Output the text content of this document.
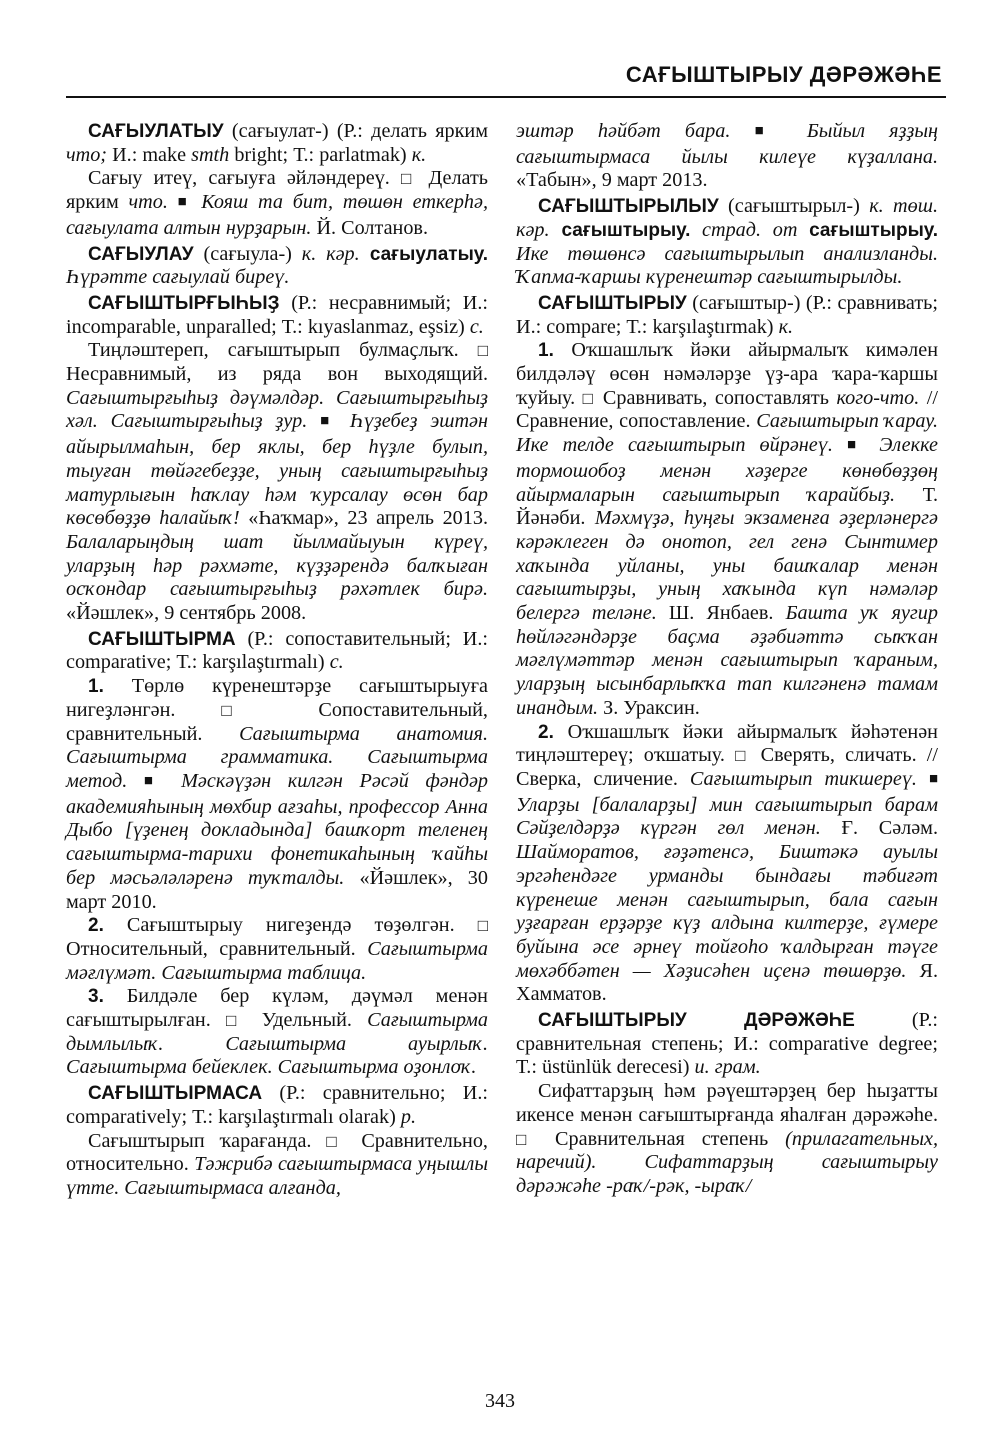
САҒЫШТЫРЫУ ДӘРӘЖӘҺЕ

САҒЫУЛАТЫУ (сағыулат-) (Р.: делать ярким что; И.: make smth bright; Т.: parlatmak) к.

Сағыу итеү, сағыуға әйләндереү. □ Делать ярким что. ■ Кояш та бит, төшөн еткерһә, сағыулата алтын нурҙарын. Й. Солтанов.

САҒЫУЛАУ (сағыула-) к. кәр. сағыулатыу. Һүрәтте сағыулай биреү.

САҒЫШТЫРҒЫҺЫҘ (Р.: несравнимый; И.: incomparable, unparalled; Т.: kıyaslanmaz, eşsiz) с.

Тиңләштереп, сағыштырып булмаҫлыҡ. □ Несравнимый, из ряда вон выходящий. Сағыштырғыһыҙ дәүмәлдәр. Сағыштырғыһыҙ хәл. Сағыштырғыһыҙ ҙур. ■ Һүҙебеҙ эштән айырылмаһын, бер яклы, бер һүҙле булып, тыуған төйәгебеҙҙе, уның сағыштырғыһыҙ матурлығын һаҡлау һәм ҡурсалау өсөн бар көсөбөҙҙө һалайыҡ! «Һаҡмар», 23 апрель 2013. Балаларыңдың шат йылмайыуын күреү, уларҙың һәр рәхмәте, күҙҙәрендә балҡыған осҡондар сағыштырғыһыҙ рәхәтлек бирә. «Йәшлек», 9 сентябрь 2008.

САҒЫШТЫРМА (Р.: сопоставительный; И.: comparative; Т.: karşılaştırmalı) с.

1. Төрлө күренештәрҙе сағыштырыуға нигеҙләнгән. □ Сопоставительный, сравнительный. Сағыштырма анатомия. Сағыштырма грамматика. Сағыштырма метод. ■ Мәскәүҙән килгән Рәсәй фәндәр академияһының мөхбир ағзаһы, профессор Анна Дыбо [үҙенең докладында] башҡорт теленең сағыштырма-тарихи фонетикаһының ҡайһы бер мәсьәләләренә туҡталды. «Йәшлек», 30 март 2010.

2. Сағыштырыу нигеҙендә төҙөлгән. □ Относительный, сравнительный. Сағыштырма мәғлүмәт. Сағыштырма таблица.

3. Билдәле бер күләм, дәүмәл менән сағыштырылған. □ Удельный. Сағыштырма дымлылыҡ. Сағыштырма ауырлыҡ. Сағыштырма бейеклек. Сағыштырма оҙонлоҡ.

САҒЫШТЫРМАСА (Р.: сравнительно; И.: comparatively; Т.: karşılaştırmalı olarak) р.

Сағыштырып ҡарағанда. □ Сравнительно, относительно. Тәжрибә сағыштырмаса уңышлы үтте. Сағыштырмаса алғанда,

эштәр һәйбәт бара. ■ Быйыл яҙҙың сағыштырмаса йылы килеүе күҙаллана. «Табын», 9 март 2013.

САҒЫШТЫРЫЛЫУ (сағыштырыл-) к. төш. кәр. сағыштырыу. страд. от сағыштырыу. Ике төшөнсә сағыштырылып анализланды. Ҡапма-ҡаршы күренештәр сағыштырылды.

САҒЫШТЫРЫУ (сағыштыр-) (Р.: сравнивать; И.: compare; Т.: karşılaştırmak) к.

1. Оҡшашлыҡ йәки айырмалыҡ кимәлен билдәләү өсөн нәмәләрҙе үҙ-ара ҡара-ҡаршы ҡуйыу. □ Сравнивать, сопоставлять кого-что. // Сравнение, сопоставление. Сағыштырып ҡарау. Ике телде сағыштырып өйрәнеү. ■ Элекке тормошобоҙ менән хәҙерге көнөбөҙҙөң айырмаларын сағыштырып ҡарайбыҙ. Т. Йәнәби. Мәхмүҙә, һуңғы экзаменға әҙерләнергә кәрәклеген дә онотоп, гел генә Сынтимер хаҡында уйланы, уны башҡалар менән сағыштырҙы, уның хаҡында күп нәмәләр белергә теләне. Ш. Янбаев. Башта уҡ яугир һөйләгәндәрҙе баҫма әҙәбиәттә сыҡҡан мәғлүмәттәр менән сағыштырып ҡараным, уларҙың ысынбарлыҡҡа тап килгәненә тамам инандым. З. Ураксин.

2. Оҡшашлыҡ йәки айырмалыҡ йәһәтенән тиңләштереү; оҡшатыу. □ Сверять, сличать. // Сверка, сличение. Сағыштырып тикшереү. ■ Уларҙы [балаларҙы] мин сағыштырып барам Сәйҙелдәрҙә күргән гөл менән. Ғ. Сәләм. Шайморатов, ғәҙәтенсә, Биштәкә ауылы эргәһендәге урманды бындағы тәбиғәт күренеше менән сағыштырып, бала сағын уҙғарған ерҙәрҙе күҙ алдына килтерҙе, ғүмере буйына әсе әрнеү тойғоһо ҡалдырған тәүге мөхәббәтен — Хәҙисәһен иҫенә төшөрҙө. Я. Хамматов.

САҒЫШТЫРЫУ ДӘРӘЖӘҺЕ (Р.: сравнительная степень; И.: comparative degree; Т.: üstünlük derecesi) и. грам.

Сифаттарҙың һәм рәүештәрҙең бер һыҙатты икенсе менән сағыштырғанда яһалған дәрәжәһе. □ Сравнительная степень (прилагательных, наречий). Сифаттарҙың сағыштырыу дәрәжәһе -раҡ/-рәк, -ыраҡ/

343
